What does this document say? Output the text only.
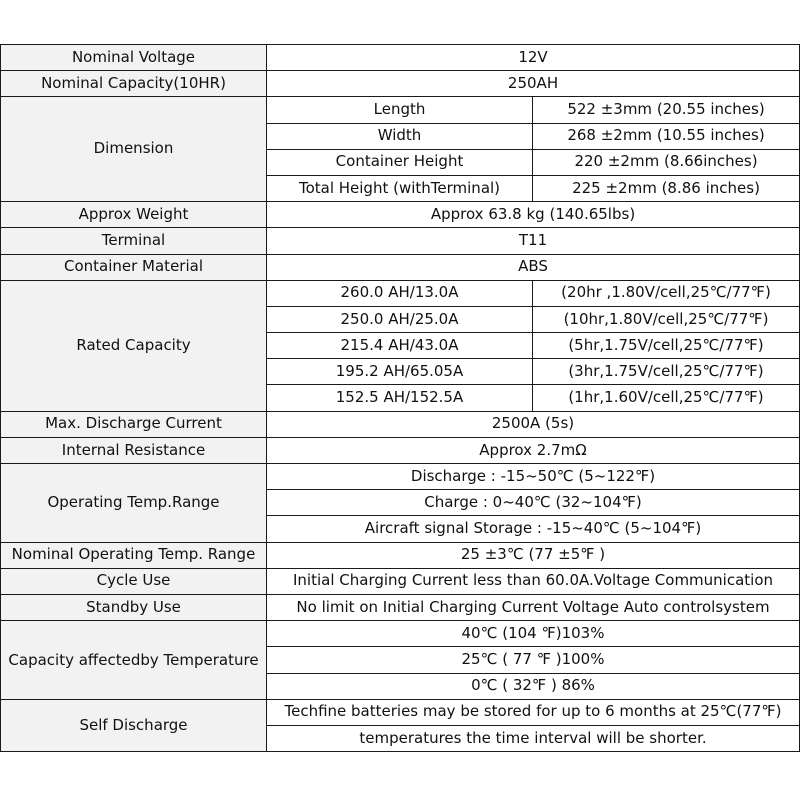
Nominal Voltage	12V	
Nominal Capacity(10HR)	250AH	
Dimension	Length	522 ±3mm (20.55 inches)
	Width	268 ±2mm (10.55 inches)
	Container Height	220 ±2mm (8.66inches)
	Total Height (withTerminal)	225 ±2mm (8.86 inches)
Approx Weight	Approx 63.8 kg (140.65lbs)	
Terminal	T11	
Container Material	ABS	
Rated Capacity	260.0 AH/13.0A	(20hr ,1.80V/cell,25℃/77℉)
	250.0 AH/25.0A	(10hr,1.80V/cell,25℃/77℉)
	215.4 AH/43.0A	(5hr,1.75V/cell,25℃/77℉)
	195.2 AH/65.05A	(3hr,1.75V/cell,25℃/77℉)
	152.5 AH/152.5A	(1hr,1.60V/cell,25℃/77℉)
Max. Discharge Current	2500A (5s)	
Internal Resistance	Approx 2.7mΩ	
Operating Temp.Range	Discharge : -15~50℃ (5~122℉)	
	Charge : 0~40℃ (32~104℉)	
	Aircraft signal Storage : -15~40℃ (5~104℉)	
Nominal Operating Temp. Range	25 ±3℃ (77 ±5℉ )	
Cycle Use	Initial Charging Current less than 60.0A.Voltage Communication	
Standby Use	No limit on Initial Charging Current Voltage Auto controlsystem	
Capacity affectedby Temperature	40℃ (104 ℉)103%	
	25℃ ( 77 ℉ )100%	
	0℃ ( 32℉ ) 86%	
Self Discharge	Techfine batteries may be stored for up to 6 months at 25℃(77℉)	
	temperatures the time interval will be shorter.	
